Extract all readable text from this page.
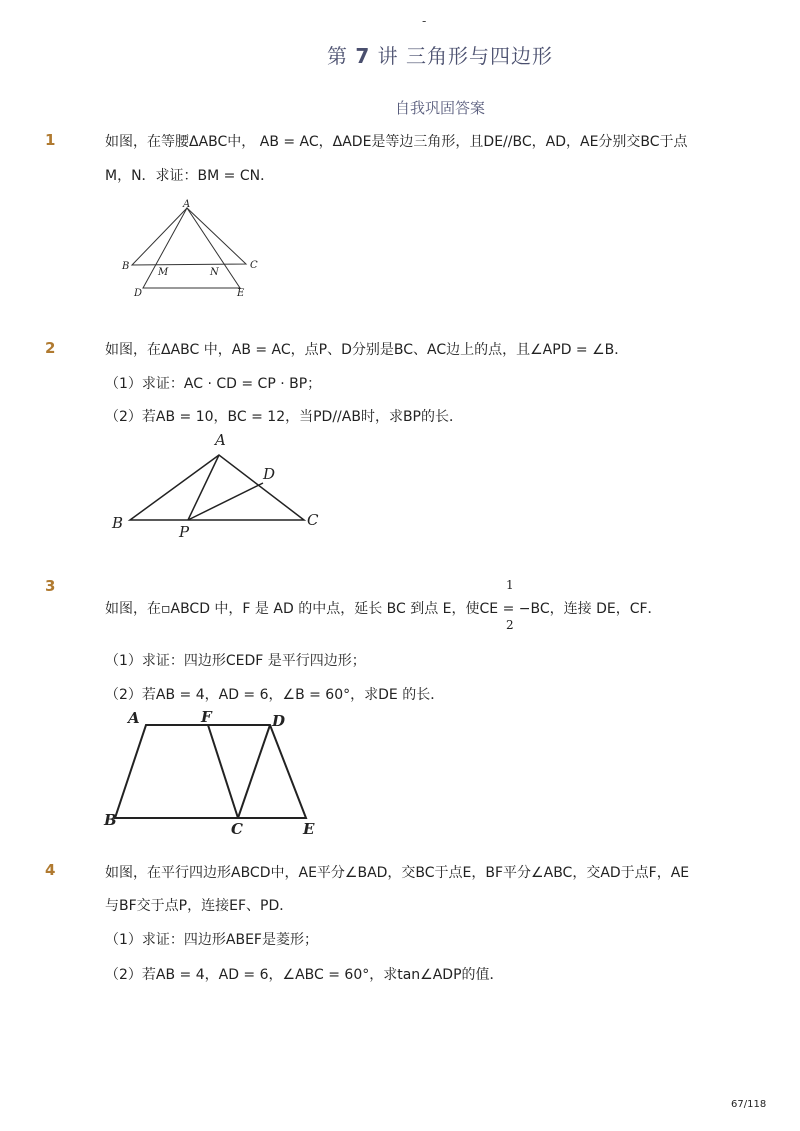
-
第 7 讲 三角形与四边形
自我巩固答案
1	如图，在等腰ΔABC中， AB = AC，ΔADE是等边三角形，且DE//BC，AD，AE分别交BC于点
M，N．求证：BM = CN．
A
B	C
M	N
D	E
2	如图，在ΔABC 中，AB = AC，点P、D分别是BC、AC边上的点，且∠APD = ∠B．
（1）求证：AC · CD = CP · BP；
（2）若AB = 10，BC = 12，当PD//AB时，求BP的长．
A
D
B	P
C
3	1
2
如图，在▫ABCD 中，F 是 AD 的中点，延长 BC 到点 E，使CE = −BC，连接 DE，CF．
（1）求证：四边形CEDF 是平行四边形；
（2）若AB = 4，AD = 6，∠B = 60°，求DE 的长．
A	F	D
B	C	E
4	如图，在平行四边形ABCD中，AE平分∠BAD，交BC于点E，BF平分∠ABC，交AD于点F，AE
与BF交于点P，连接EF、PD．
（1）求证：四边形ABEF是菱形；
（2）若AB = 4，AD = 6，∠ABC = 60°，求tan∠ADP的值．
67/118
